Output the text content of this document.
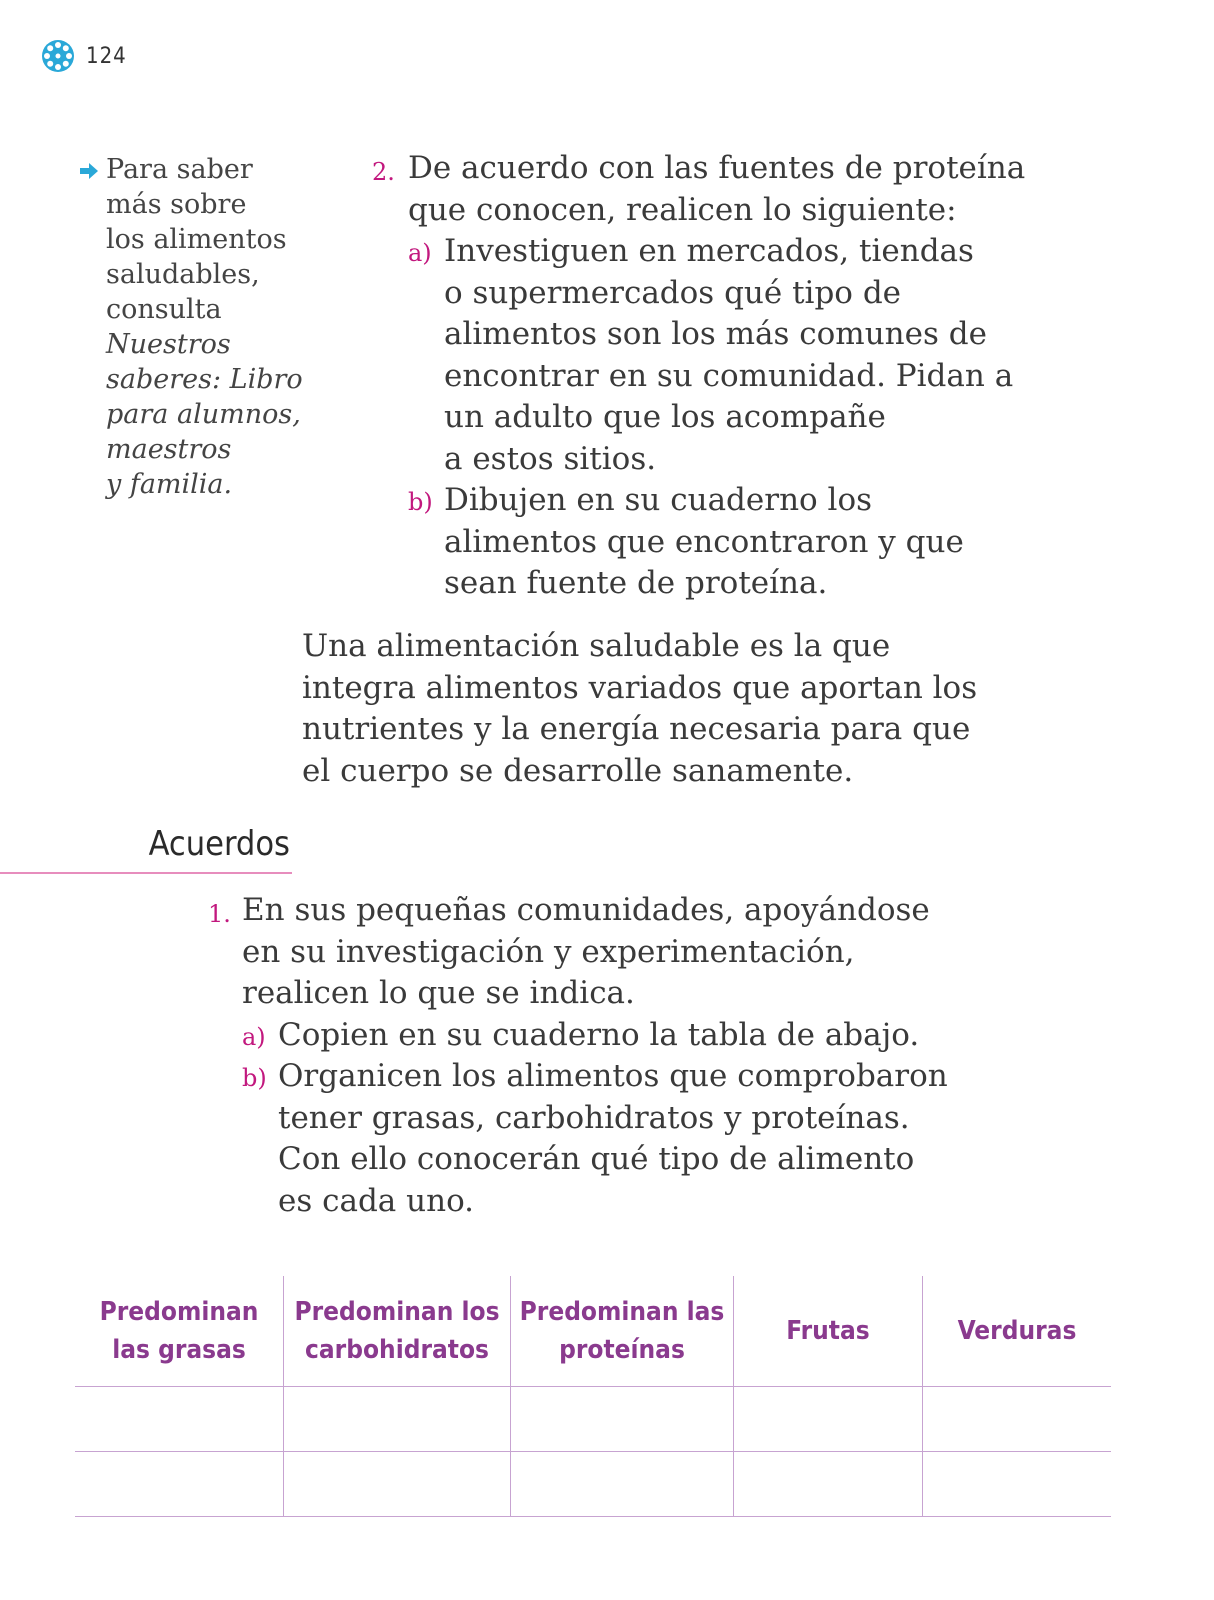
124
Para saber
más sobre
los alimentos
saludables,
consulta
Nuestros
saberes: Libro
para alumnos,
maestros
y familia.
2. De acuerdo con las fuentes de proteína
que conocen, realicen lo siguiente:
a) Investiguen en mercados, tiendas
o supermercados qué tipo de
alimentos son los más comunes de
encontrar en su comunidad. Pidan a
un adulto que los acompañe
a estos sitios.
b) Dibujen en su cuaderno los
alimentos que encontraron y que
sean fuente de proteína.
Una alimentación saludable es la que
integra alimentos variados que aportan los
nutrientes y la energía necesaria para que
el cuerpo se desarrolle sanamente.
Acuerdos
1. En sus pequeñas comunidades, apoyándose
en su investigación y experimentación,
realicen lo que se indica.
a) Copien en su cuaderno la tabla de abajo.
b) Organicen los alimentos que comprobaron
tener grasas, carbohidratos y proteínas.
Con ello conocerán qué tipo de alimento
es cada uno.
Predominan
las grasas	Predominan los
carbohidratos	Predominan las
proteínas	Frutas	Verduras
